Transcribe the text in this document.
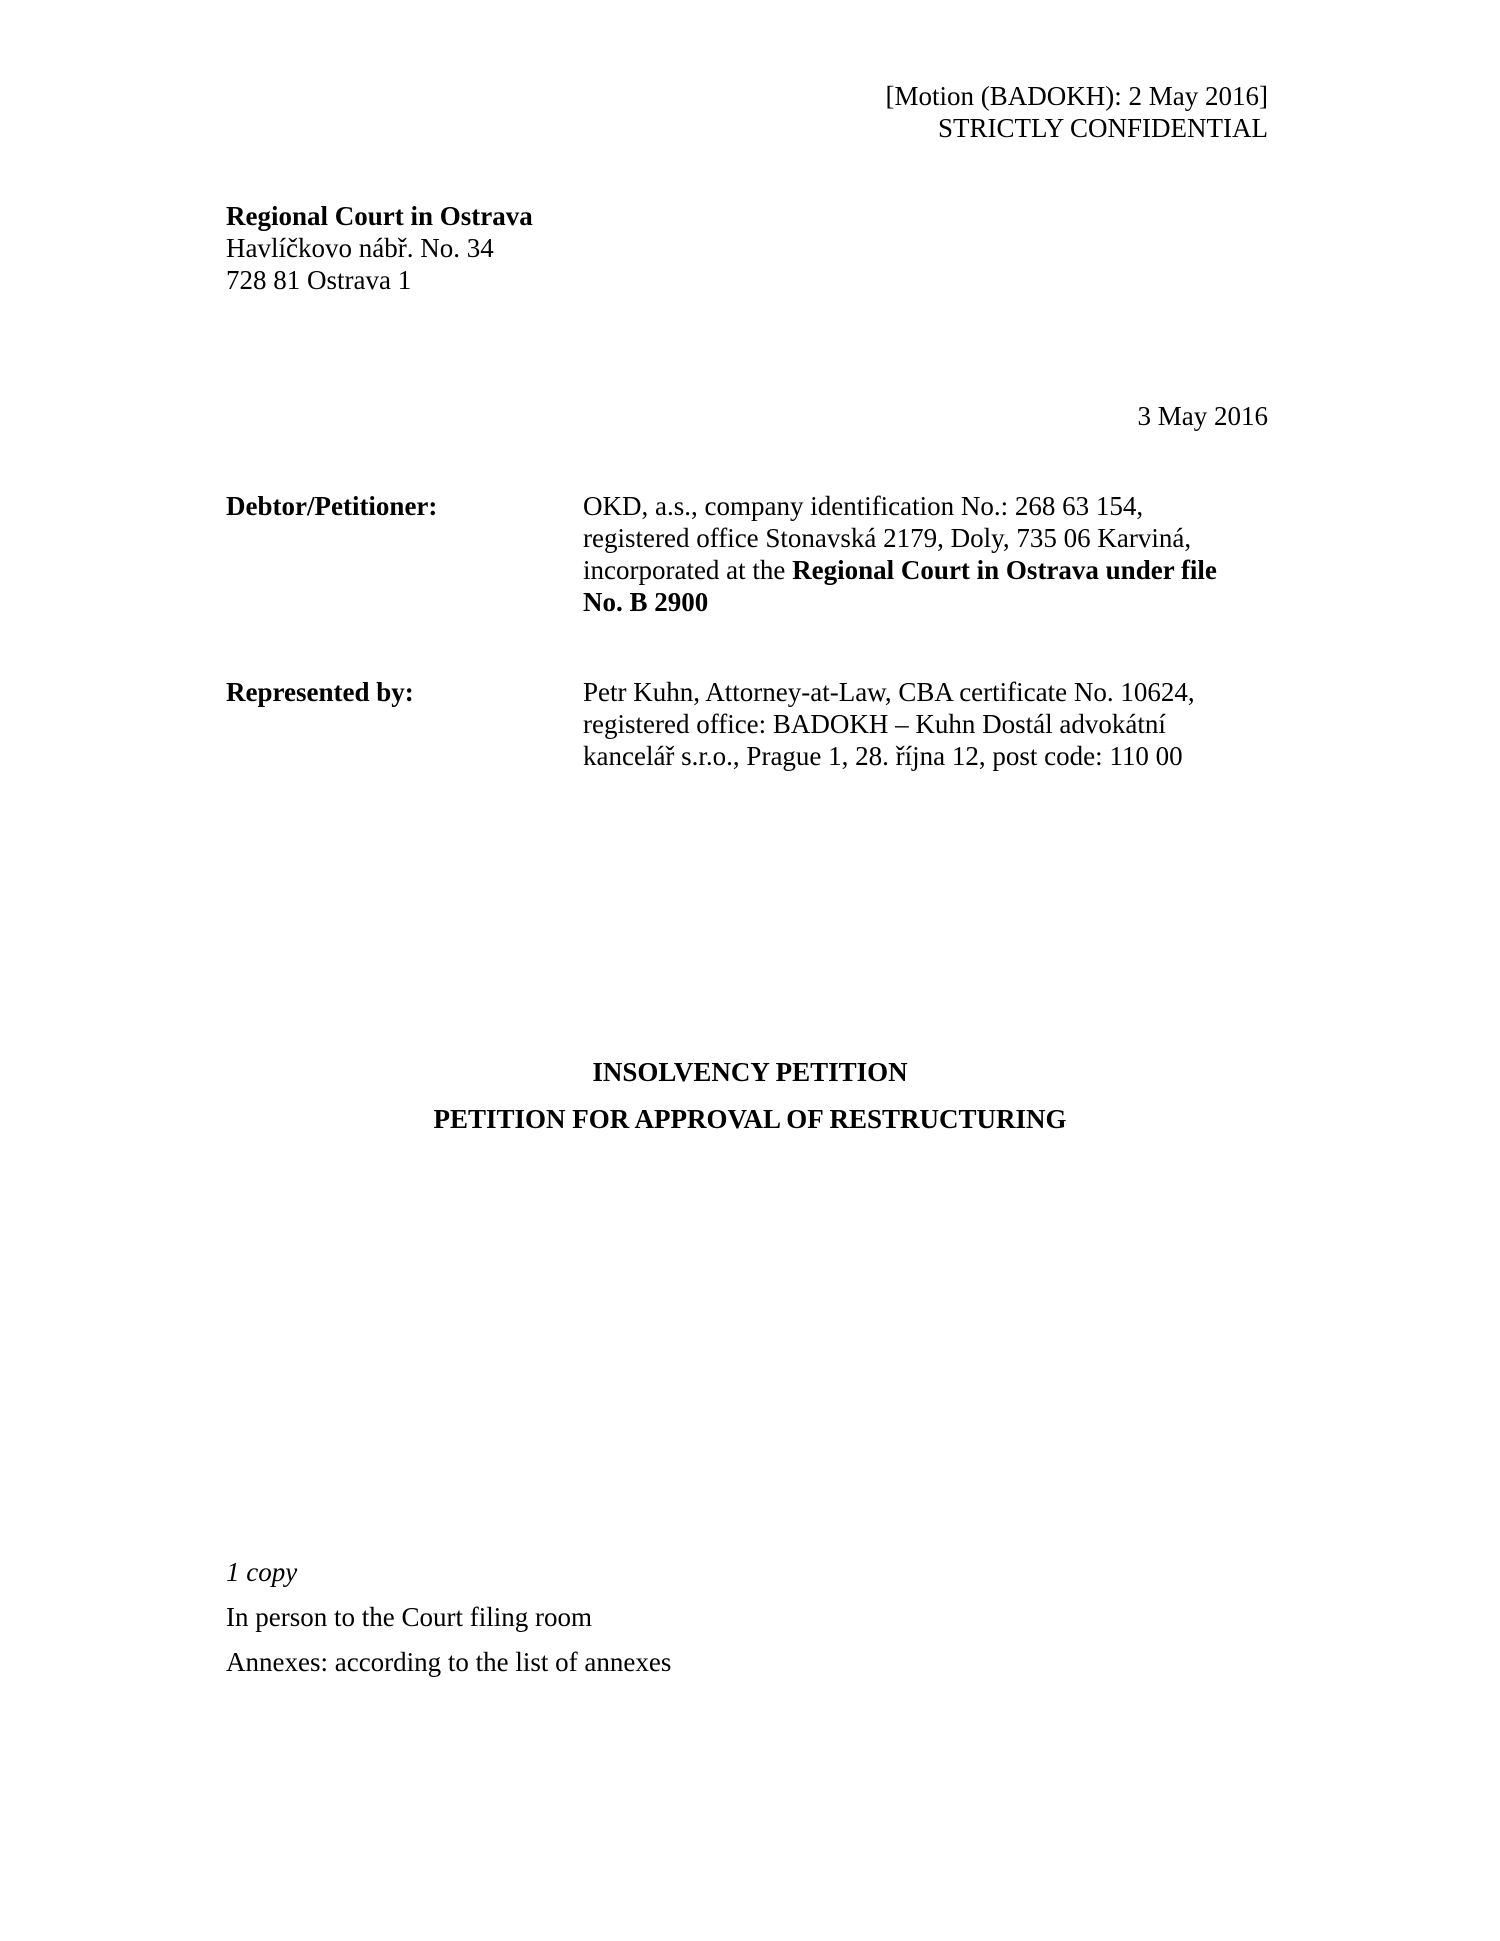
[Motion (BADOKH): 2 May 2016]
STRICTLY CONFIDENTIAL
Regional Court in Ostrava
Havlíčkovo nábř. No. 34
728 81 Ostrava 1
3 May 2016
Debtor/Petitioner:	OKD, a.s., company identification No.: 268 63 154,
registered office Stonavská 2179, Doly, 735 06 Karviná,
incorporated at the Regional Court in Ostrava under file
No. B 2900
Represented by:	Petr Kuhn, Attorney-at-Law, CBA certificate No. 10624,
registered office: BADOKH – Kuhn Dostál advokátní
kancelář s.r.o., Prague 1, 28. října 12, post code: 110 00
INSOLVENCY PETITION
PETITION FOR APPROVAL OF RESTRUCTURING
1 copy
In person to the Court filing room
Annexes: according to the list of annexes
